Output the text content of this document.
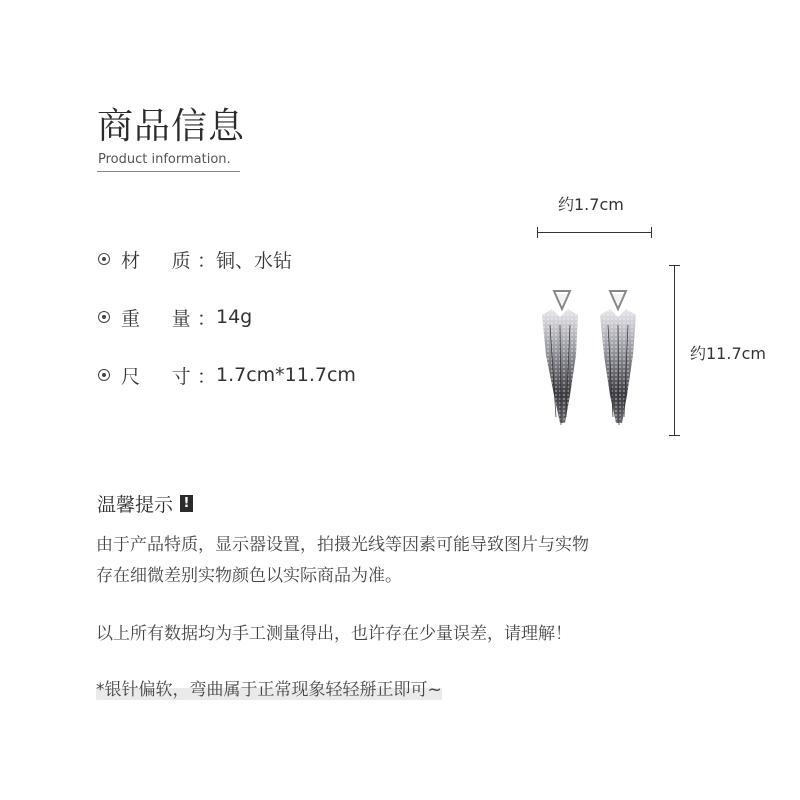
商品信息
Product information.
材　质： 铜、水钻
重　量： 14g
尺　寸： 1.7cm*11.7cm
约1.7cm
约11.7cm
温馨提示 !
由于产品特质，显示器设置，拍摄光线等因素可能导致图片与实物
存在细微差别实物颜色以实际商品为准。
以上所有数据均为手工测量得出，也许存在少量误差，请理解！
*银针偏软，弯曲属于正常现象轻轻掰正即可~
